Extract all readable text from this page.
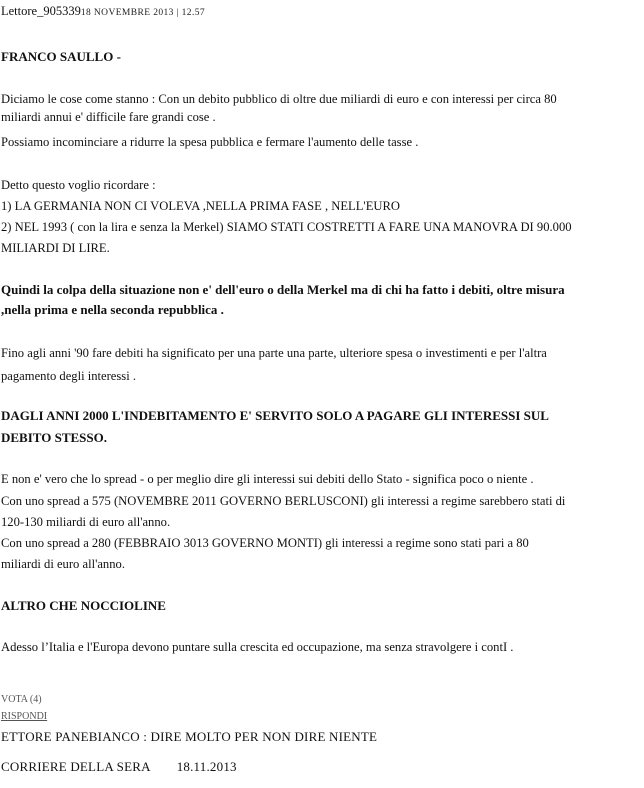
Lettore_90533918 NOVEMBRE 2013 | 12.57
FRANCO SAULLO -
Diciamo le cose come stanno : Con un debito pubblico di oltre due miliardi di euro e con interessi per circa 80
miliardi annui e' difficile fare grandi cose .
Possiamo incominciare a ridurre la spesa pubblica e fermare l'aumento delle tasse .
Detto questo voglio ricordare :
1) LA GERMANIA NON CI VOLEVA ,NELLA PRIMA FASE , NELL'EURO
2) NEL 1993 ( con la lira e senza la Merkel) SIAMO STATI COSTRETTI A FARE UNA MANOVRA DI 90.000
MILIARDI DI LIRE.
Quindi la colpa della situazione non e' dell'euro o della Merkel ma di chi ha fatto i debiti, oltre misura
,nella prima e nella seconda repubblica .
Fino agli anni '90 fare debiti ha significato per una parte una parte, ulteriore spesa o investimenti e per l'altra
pagamento degli interessi .
DAGLI ANNI 2000 L'INDEBITAMENTO E' SERVITO SOLO A PAGARE GLI INTERESSI SUL
DEBITO STESSO.
E non e' vero che lo spread - o per meglio dire gli interessi sui debiti dello Stato - significa poco o niente .
Con uno spread a 575 (NOVEMBRE 2011 GOVERNO BERLUSCONI) gli interessi a regime sarebbero stati di
120-130 miliardi di euro all'anno.
Con uno spread a 280 (FEBBRAIO 3013 GOVERNO MONTI) gli interessi a regime sono stati pari a 80
miliardi di euro all'anno.
ALTRO CHE NOCCIOLINE
Adesso l’Italia e l'Europa devono puntare sulla crescita ed occupazione, ma senza stravolgere i contI .
VOTA (4)
RISPONDI
ETTORE PANEBIANCO : DIRE MOLTO PER NON DIRE NIENTE
CORRIERE DELLA SERA 18.11.2013
